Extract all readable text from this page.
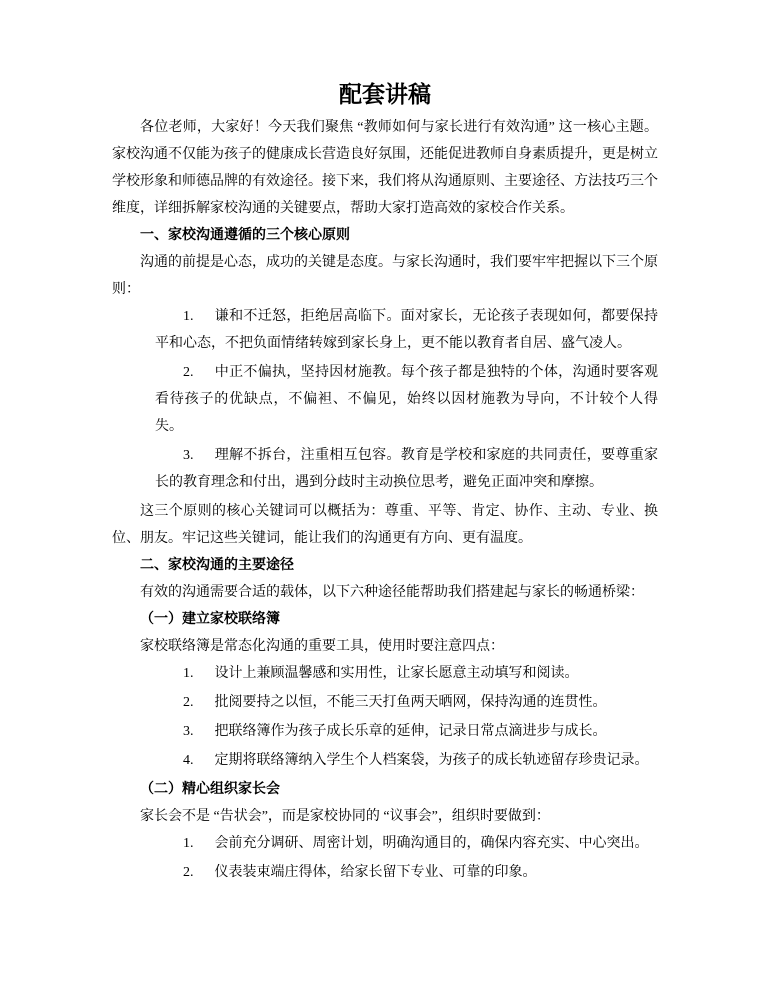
配套讲稿

各位老师，大家好！今天我们聚焦 “教师如何与家长进行有效沟通” 这一核心主题。家校沟通不仅能为孩子的健康成长营造良好氛围，还能促进教师自身素质提升，更是树立学校形象和师德品牌的有效途径。接下来，我们将从沟通原则、主要途径、方法技巧三个维度，详细拆解家校沟通的关键要点，帮助大家打造高效的家校合作关系。

一、家校沟通遵循的三个核心原则

沟通的前提是心态，成功的关键是态度。与家长沟通时，我们要牢牢把握以下三个原则：

1. 谦和不迁怒，拒绝居高临下。面对家长，无论孩子表现如何，都要保持平和心态，不把负面情绪转嫁到家长身上，更不能以教育者自居、盛气凌人。
2. 中正不偏执，坚持因材施教。每个孩子都是独特的个体，沟通时要客观看待孩子的优缺点，不偏袒、不偏见，始终以因材施教为导向，不计较个人得失。
3. 理解不拆台，注重相互包容。教育是学校和家庭的共同责任，要尊重家长的教育理念和付出，遇到分歧时主动换位思考，避免正面冲突和摩擦。

这三个原则的核心关键词可以概括为：尊重、平等、肯定、协作、主动、专业、换位、朋友。牢记这些关键词，能让我们的沟通更有方向、更有温度。

二、家校沟通的主要途径

有效的沟通需要合适的载体，以下六种途径能帮助我们搭建起与家长的畅通桥梁：

（一）建立家校联络簿

家校联络簿是常态化沟通的重要工具，使用时要注意四点：

1. 设计上兼顾温馨感和实用性，让家长愿意主动填写和阅读。
2. 批阅要持之以恒，不能三天打鱼两天晒网，保持沟通的连贯性。
3. 把联络簿作为孩子成长乐章的延伸，记录日常点滴进步与成长。
4. 定期将联络簿纳入学生个人档案袋，为孩子的成长轨迹留存珍贵记录。

（二）精心组织家长会

家长会不是 “告状会”，而是家校协同的 “议事会”，组织时要做到：

1. 会前充分调研、周密计划，明确沟通目的，确保内容充实、中心突出。
2. 仪表装束端庄得体，给家长留下专业、可靠的印象。
